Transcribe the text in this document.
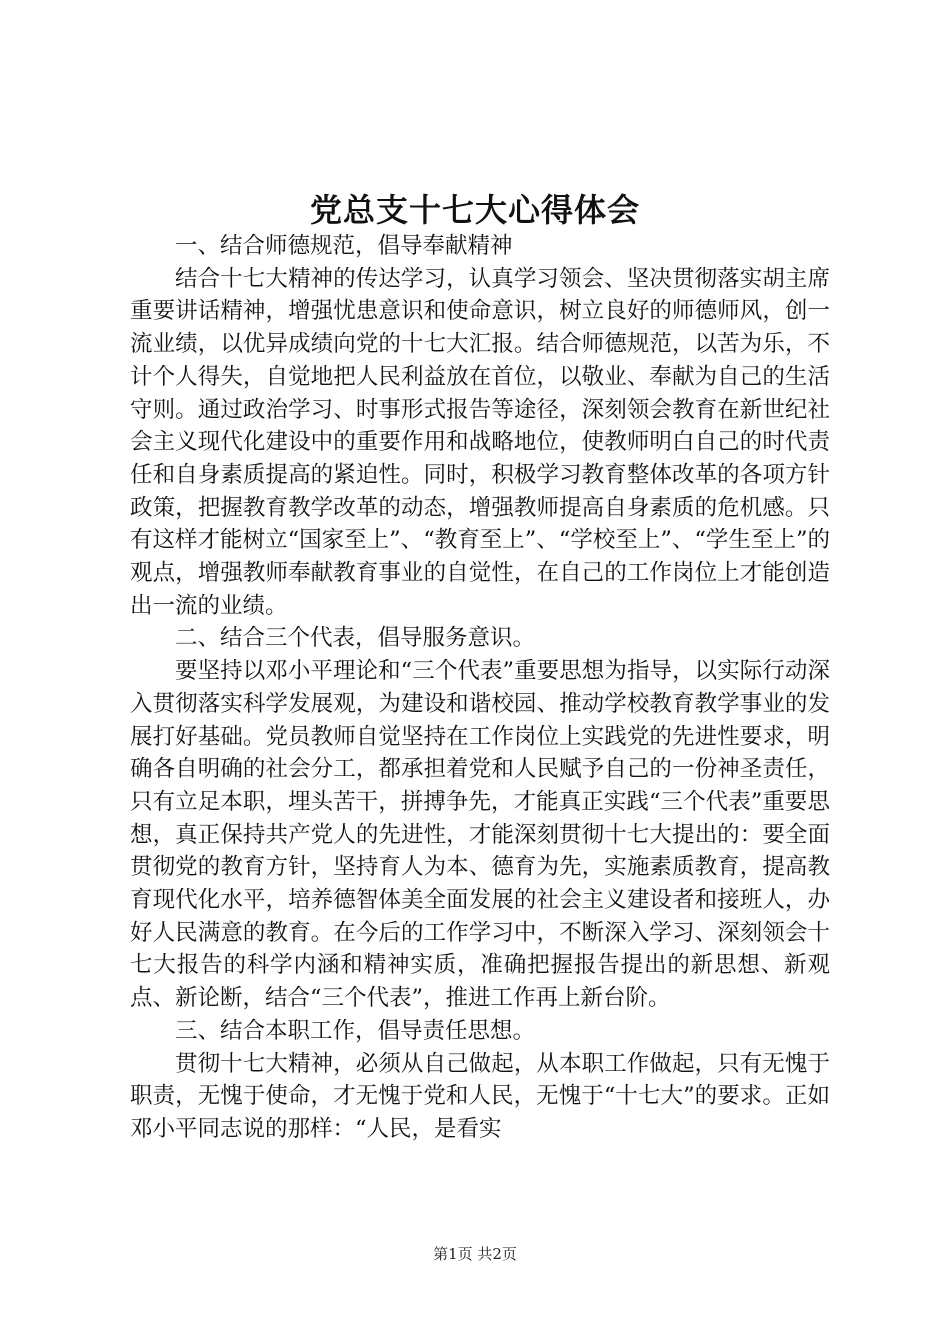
党总支十七大心得体会

一、结合师德规范，倡导奉献精神

结合十七大精神的传达学习，认真学习领会、坚决贯彻落实胡主席重要讲话精神，增强忧患意识和使命意识，树立良好的师德师风，创一流业绩，以优异成绩向党的十七大汇报。结合师德规范，以苦为乐，不计个人得失，自觉地把人民利益放在首位，以敬业、奉献为自己的生活守则。通过政治学习、时事形式报告等途径，深刻领会教育在新世纪社会主义现代化建设中的重要作用和战略地位，使教师明白自己的时代责任和自身素质提高的紧迫性。同时，积极学习教育整体改革的各项方针政策，把握教育教学改革的动态，增强教师提高自身素质的危机感。只有这样才能树立“国家至上”、“教育至上”、“学校至上”、“学生至上”的观点，增强教师奉献教育事业的自觉性，在自己的工作岗位上才能创造出一流的业绩。

二、结合三个代表，倡导服务意识。

要坚持以邓小平理论和“三个代表”重要思想为指导，以实际行动深入贯彻落实科学发展观，为建设和谐校园、推动学校教育教学事业的发展打好基础。党员教师自觉坚持在工作岗位上实践党的先进性要求，明确各自明确的社会分工，都承担着党和人民赋予自己的一份神圣责任，只有立足本职，埋头苦干，拼搏争先，才能真正实践“三个代表”重要思想，真正保持共产党人的先进性，才能深刻贯彻十七大提出的：要全面贯彻党的教育方针，坚持育人为本、德育为先，实施素质教育，提高教育现代化水平，培养德智体美全面发展的社会主义建设者和接班人，办好人民满意的教育。在今后的工作学习中，不断深入学习、深刻领会十七大报告的科学内涵和精神实质，准确把握报告提出的新思想、新观点、新论断，结合“三个代表”，推进工作再上新台阶。

三、结合本职工作，倡导责任思想。

贯彻十七大精神，必须从自己做起，从本职工作做起，只有无愧于职责，无愧于使命，才无愧于党和人民，无愧于“十七大”的要求。正如邓小平同志说的那样：“人民，是看实

第1页 共2页
